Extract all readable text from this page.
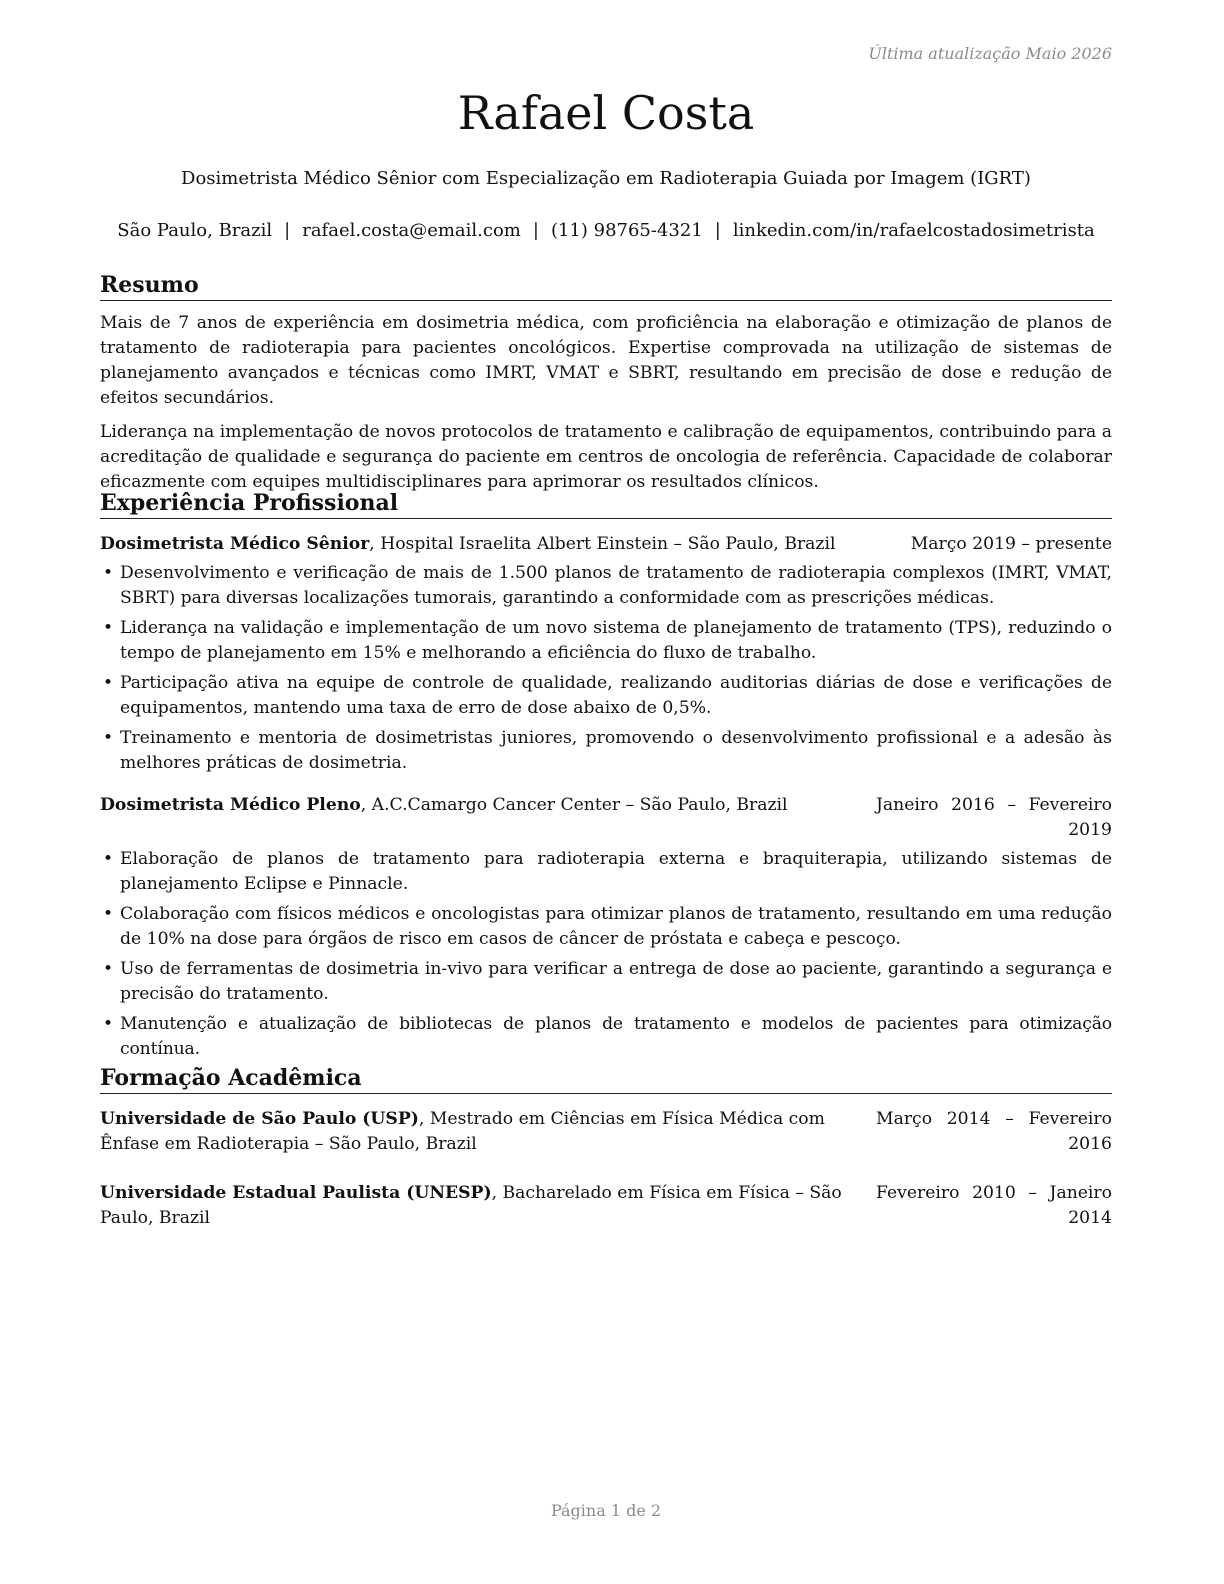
Última atualização Maio 2026
Rafael Costa
Dosimetrista Médico Sênior com Especialização em Radioterapia Guiada por Imagem (IGRT)
São Paulo, Brazil | rafael.costa@email.com | (11) 98765-4321 | linkedin.com/in/rafaelcostadosimetrista
Resumo

Mais de 7 anos de experiência em dosimetria médica, com proficiência na elaboração e otimização de planos de tratamento de radioterapia para pacientes oncológicos. Expertise comprovada na utilização de sistemas de planejamento avançados e técnicas como IMRT, VMAT e SBRT, resultando em precisão de dose e redução de efeitos secundários.

Liderança na implementação de novos protocolos de tratamento e calibração de equipamentos, contribuindo para a acreditação de qualidade e segurança do paciente em centros de oncologia de referência. Capacidade de colaborar eficazmente com equipes multidisciplinares para aprimorar os resultados clínicos.

Experiência Profissional
Dosimetrista Médico Sênior, Hospital Israelita Albert Einstein – São Paulo, Brazil	Março 2019 – presente
• Desenvolvimento e verificação de mais de 1.500 planos de tratamento de radioterapia complexos (IMRT, VMAT, SBRT) para diversas localizações tumorais, garantindo a conformidade com as prescrições médicas.
• Liderança na validação e implementação de um novo sistema de planejamento de tratamento (TPS), reduzindo o tempo de planejamento em 15% e melhorando a eficiência do fluxo de trabalho.
• Participação ativa na equipe de controle de qualidade, realizando auditorias diárias de dose e verificações de equipamentos, mantendo uma taxa de erro de dose abaixo de 0,5%.
• Treinamento e mentoria de dosimetristas juniores, promovendo o desenvolvimento profissional e a adesão às melhores práticas de dosimetria.
Dosimetrista Médico Pleno, A.C.Camargo Cancer Center – São Paulo, Brazil	Janeiro 2016 – Fevereiro
2019
• Elaboração de planos de tratamento para radioterapia externa e braquiterapia, utilizando sistemas de planejamento Eclipse e Pinnacle.
• Colaboração com físicos médicos e oncologistas para otimizar planos de tratamento, resultando em uma redução de 10% na dose para órgãos de risco em casos de câncer de próstata e cabeça e pescoço.
• Uso de ferramentas de dosimetria in-vivo para verificar a entrega de dose ao paciente, garantindo a segurança e precisão do tratamento.
• Manutenção e atualização de bibliotecas de planos de tratamento e modelos de pacientes para otimização contínua.
Formação Acadêmica
Universidade de São Paulo (USP), Mestrado em Ciências em Física Médica com Ênfase em Radioterapia – São Paulo, Brazil
Março 2014 – Fevereiro
2016
Universidade Estadual Paulista (UNESP), Bacharelado em Física em Física – São Paulo, Brazil
Fevereiro 2010 – Janeiro
2014
Página 1 de 2
